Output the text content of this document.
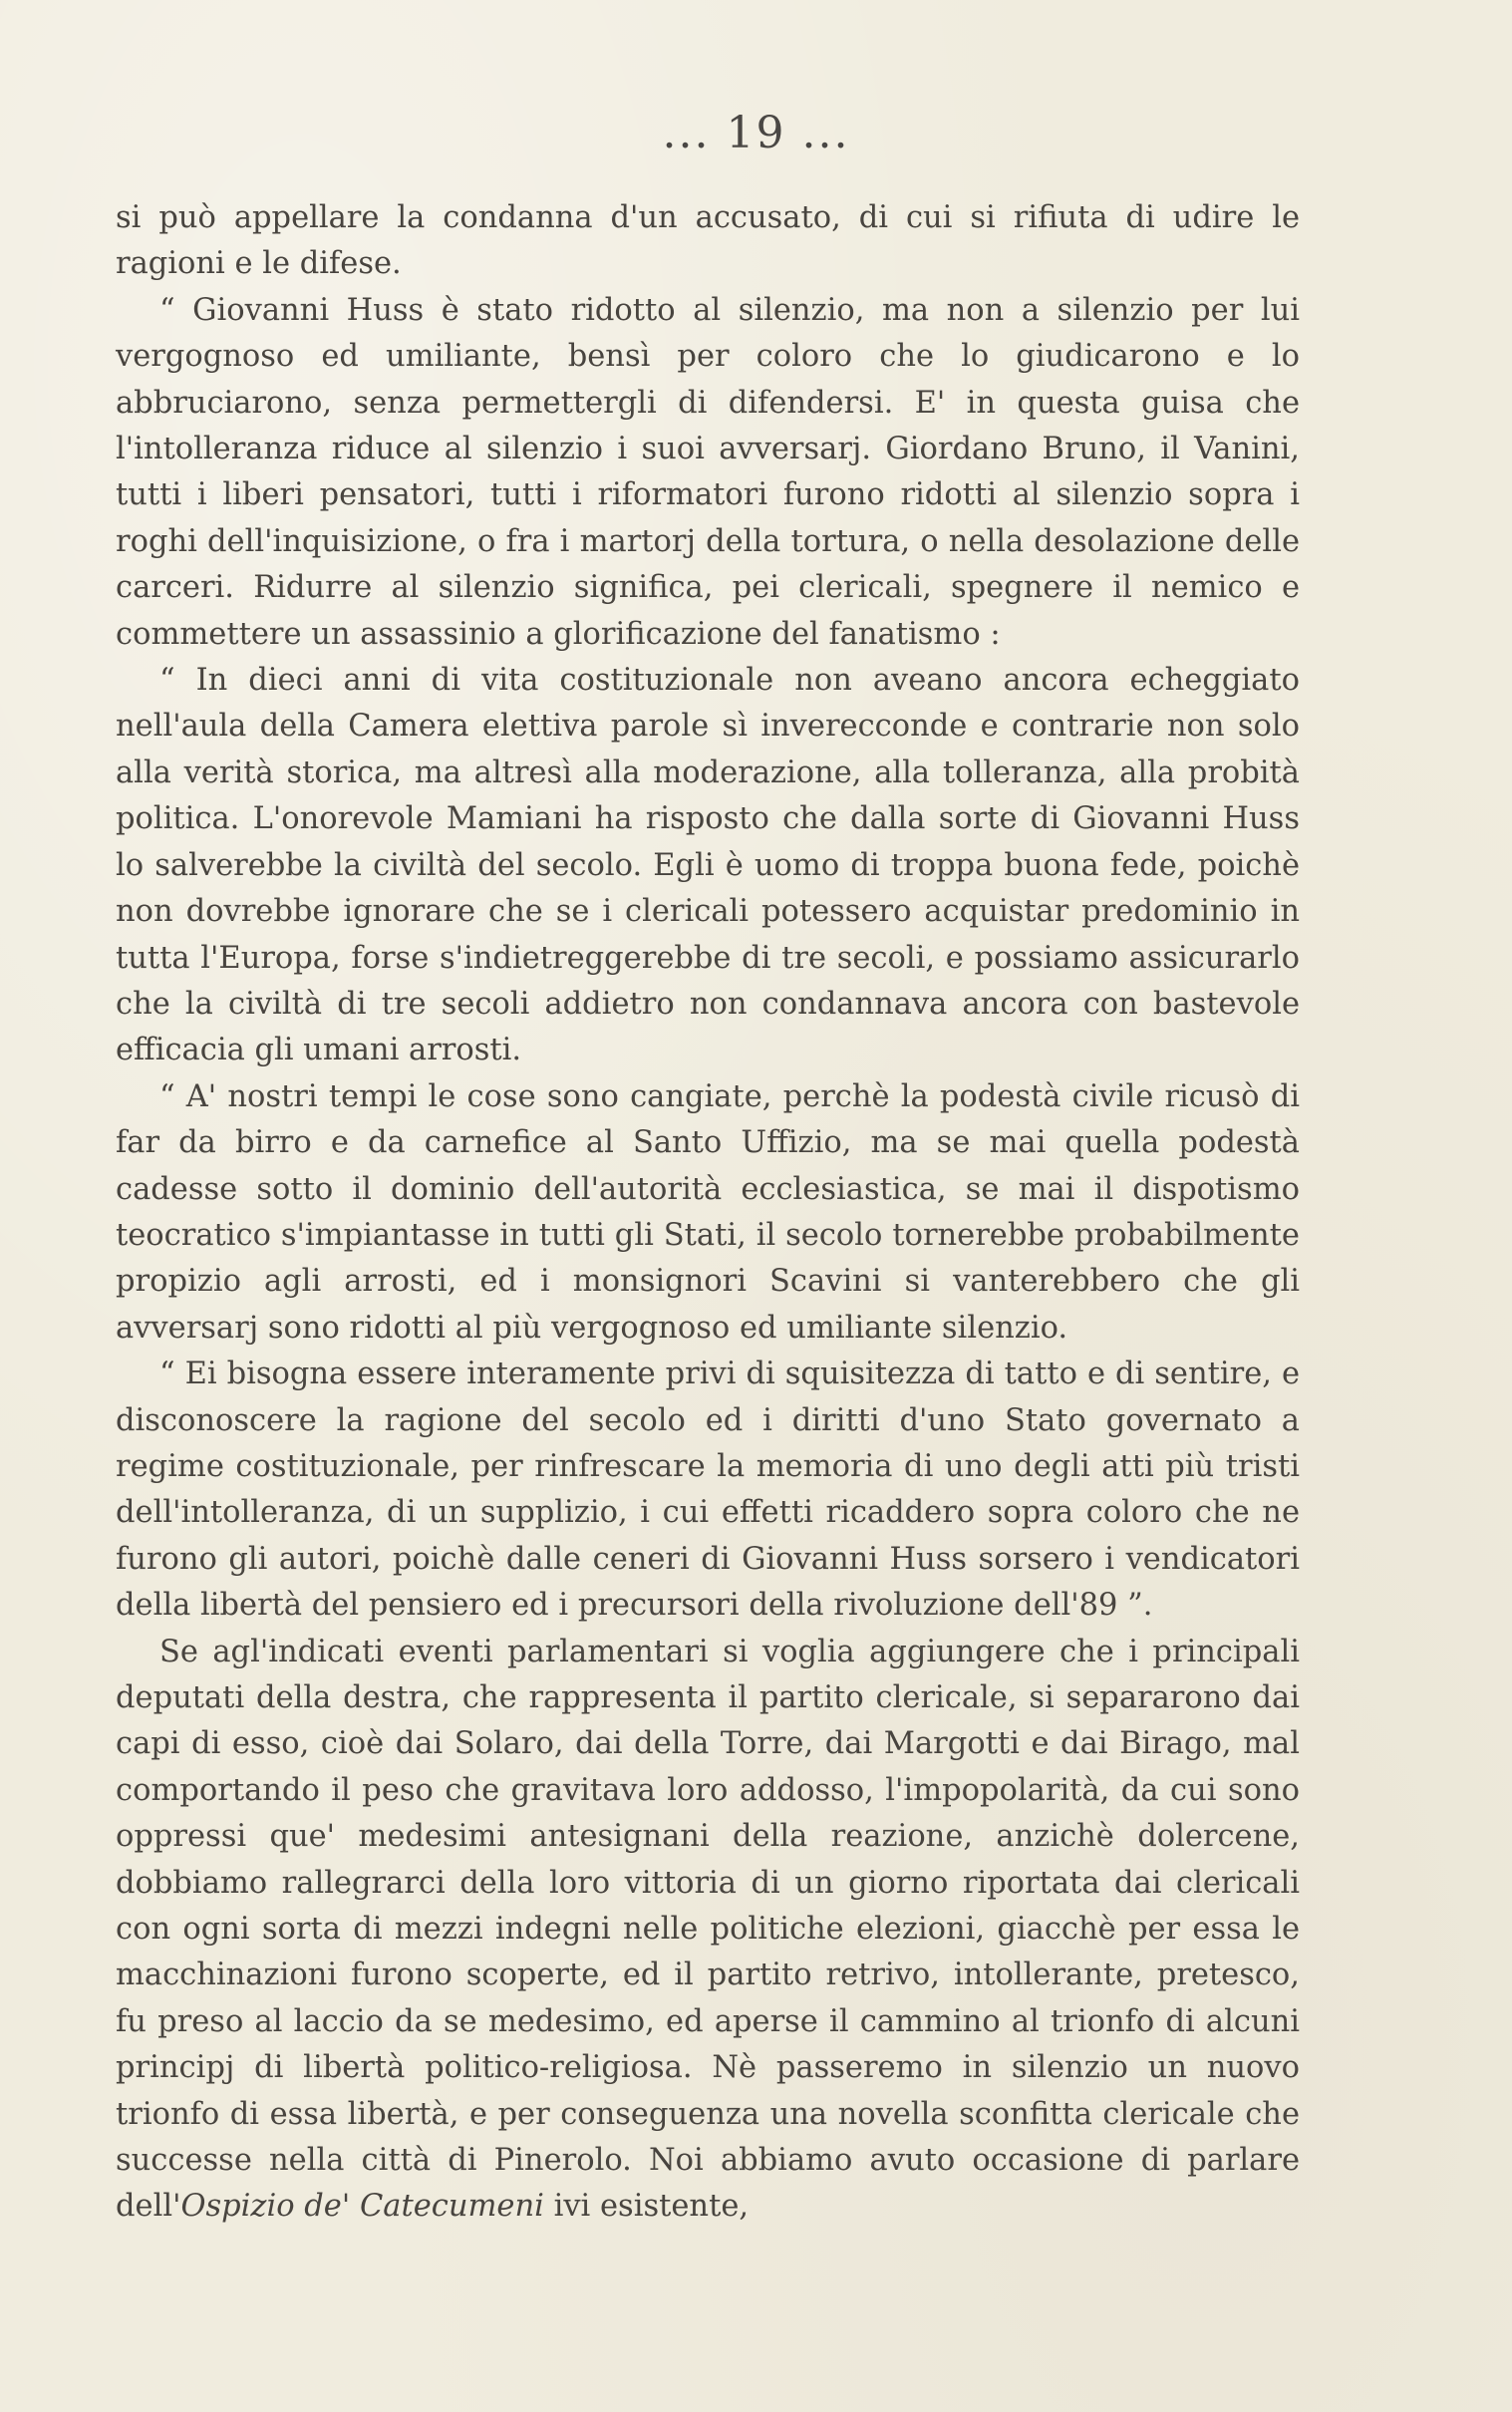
... 19 ...

si può appellare la condanna d'un accusato, di cui si rifiuta di udire le ragioni e le difese.

“ Giovanni Huss è stato ridotto al silenzio, ma non a silenzio per lui vergognoso ed umiliante, bensì per coloro che lo giudicarono e lo abbruciarono, senza permettergli di difendersi. E' in questa guisa che l'intolleranza riduce al silenzio i suoi avversarj. Giordano Bruno, il Vanini, tutti i liberi pensatori, tutti i riformatori furono ridotti al silenzio sopra i roghi dell'inquisizione, o fra i martorj della tortura, o nella desolazione delle carceri. Ridurre al silenzio significa, pei clericali, spegnere il nemico e commettere un assassinio a glorificazione del fanatismo :

“ In dieci anni di vita costituzionale non aveano ancora echeggiato nell'aula della Camera elettiva parole sì inverecconde e contrarie non solo alla verità storica, ma altresì alla moderazione, alla tolleranza, alla probità politica. L'onorevole Mamiani ha risposto che dalla sorte di Giovanni Huss lo salverebbe la civiltà del secolo. Egli è uomo di troppa buona fede, poichè non dovrebbe ignorare che se i clericali potessero acquistar predominio in tutta l'Europa, forse s'indietreggerebbe di tre secoli, e possiamo assicurarlo che la civiltà di tre secoli addietro non condannava ancora con bastevole efficacia gli umani arrosti.

“ A' nostri tempi le cose sono cangiate, perchè la podestà civile ricusò di far da birro e da carnefice al Santo Uffizio, ma se mai quella podestà cadesse sotto il dominio dell'autorità ecclesiastica, se mai il dispotismo teocratico s'impiantasse in tutti gli Stati, il secolo tornerebbe probabilmente propizio agli arrosti, ed i monsignori Scavini si vanterebbero che gli avversarj sono ridotti al più vergognoso ed umiliante silenzio.

“ Ei bisogna essere interamente privi di squisitezza di tatto e di sentire, e disconoscere la ragione del secolo ed i diritti d'uno Stato governato a regime costituzionale, per rinfrescare la memoria di uno degli atti più tristi dell'intolleranza, di un supplizio, i cui effetti ricaddero sopra coloro che ne furono gli autori, poichè dalle ceneri di Giovanni Huss sorsero i vendicatori della libertà del pensiero ed i precursori della rivoluzione dell'89 ”.

Se agl'indicati eventi parlamentari si voglia aggiungere che i principali deputati della destra, che rappresenta il partito clericale, si separarono dai capi di esso, cioè dai Solaro, dai della Torre, dai Margotti e dai Birago, mal comportando il peso che gravitava loro addosso, l'impopolarità, da cui sono oppressi que' medesimi antesignani della reazione, anzichè dolercene, dobbiamo rallegrarci della loro vittoria di un giorno riportata dai clericali con ogni sorta di mezzi indegni nelle politiche elezioni, giacchè per essa le macchinazioni furono scoperte, ed il partito retrivo, intollerante, pretesco, fu preso al laccio da se medesimo, ed aperse il cammino al trionfo di alcuni principj di libertà politico-religiosa. Nè passeremo in silenzio un nuovo trionfo di essa libertà, e per conseguenza una novella sconfitta clericale che successe nella città di Pinerolo. Noi abbiamo avuto occasione di parlare dell'Ospizio de' Catecumeni ivi esistente,
